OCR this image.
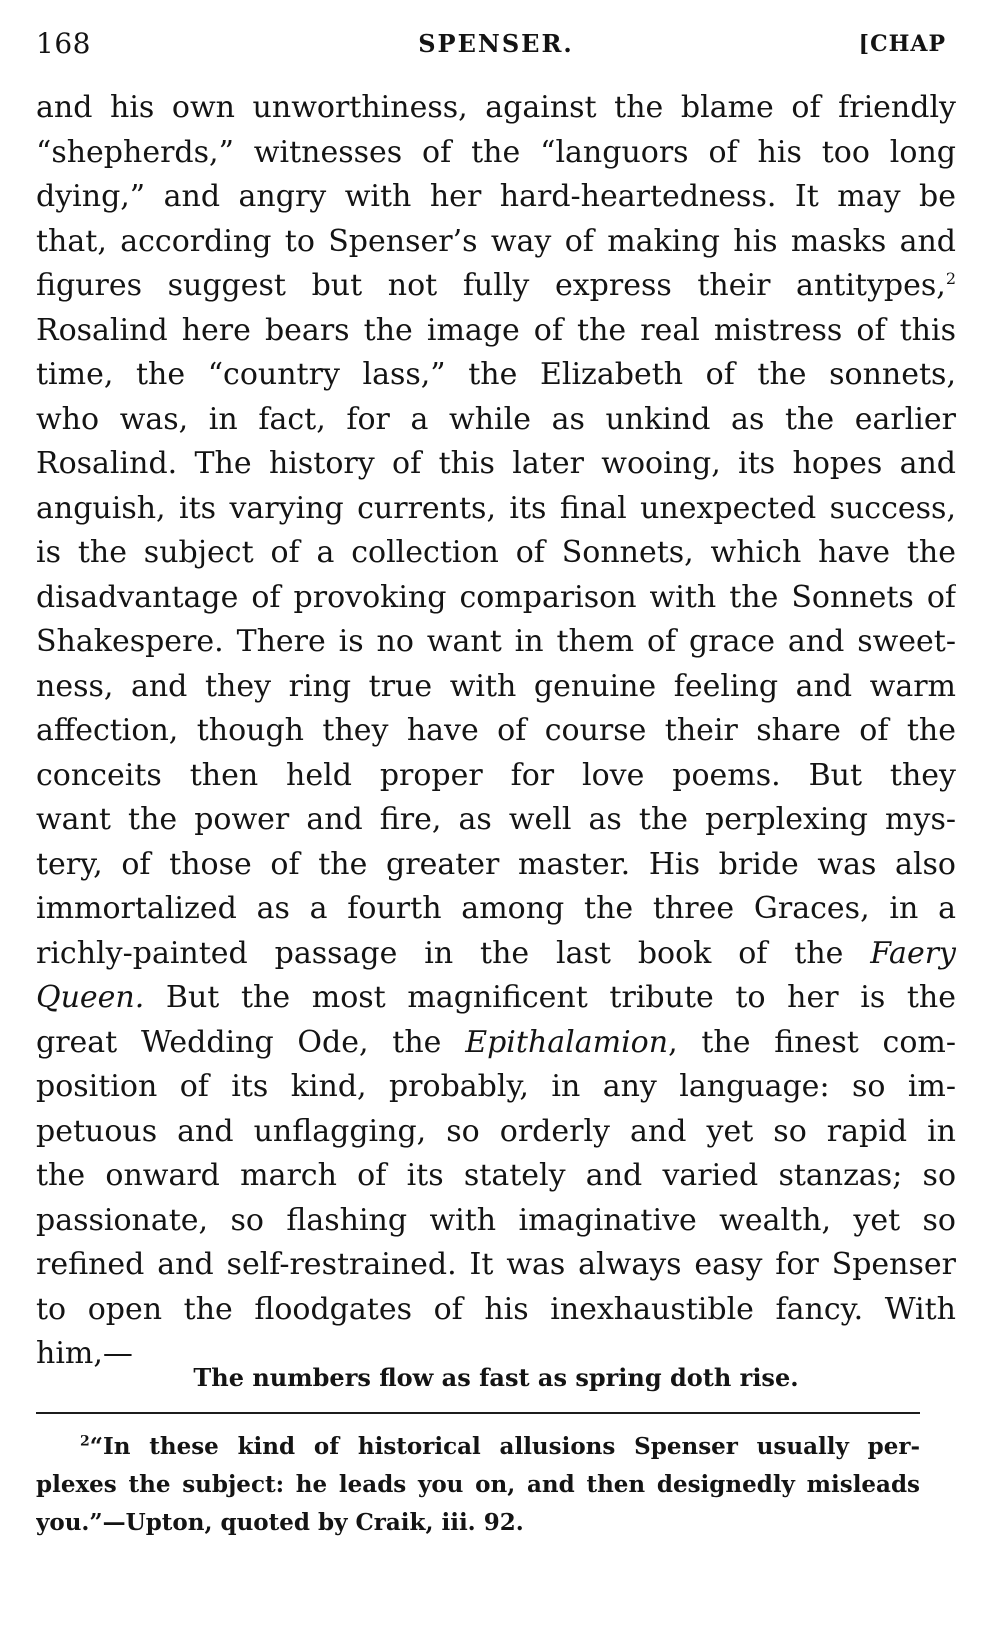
168	SPENSER.	[CHAP
and his own unworthiness, against the blame of friendly
“shepherds,” witnesses of the “languors of his too long
dying,” and angry with her hard-heartedness. It may be
that, according to Spenser’s way of making his masks and
figures suggest but not fully express their antitypes,$^2$
Rosalind here bears the image of the real mistress of this
time, the “country lass,” the Elizabeth of the sonnets,
who was, in fact, for a while as unkind as the earlier
Rosalind. The history of this later wooing, its hopes and
anguish, its varying currents, its final unexpected success,
is the subject of a collection of Sonnets, which have the
disadvantage of provoking comparison with the Sonnets of
Shakespere. There is no want in them of grace and sweet-
ness, and they ring true with genuine feeling and warm
affection, though they have of course their share of the
conceits then held proper for love poems. But they
want the power and fire, as well as the perplexing mys-
tery, of those of the greater master. His bride was also
immortalized as a fourth among the three Graces, in a
richly-painted passage in the last book of the Faery
Queen. But the most magnificent tribute to her is the
great Wedding Ode, the Epithalamion, the finest com-
position of its kind, probably, in any language: so im-
petuous and unflagging, so orderly and yet so rapid in
the onward march of its stately and varied stanzas; so
passionate, so flashing with imaginative wealth, yet so
refined and self-restrained. It was always easy for Spenser
to open the floodgates of his inexhaustible fancy. With
him,—
The numbers flow as fast as spring doth rise.
$^2$“In these kind of historical allusions Spenser usually per-
plexes the subject: he leads you on, and then designedly misleads
you.”—Upton, quoted by Craik, iii. 92.
